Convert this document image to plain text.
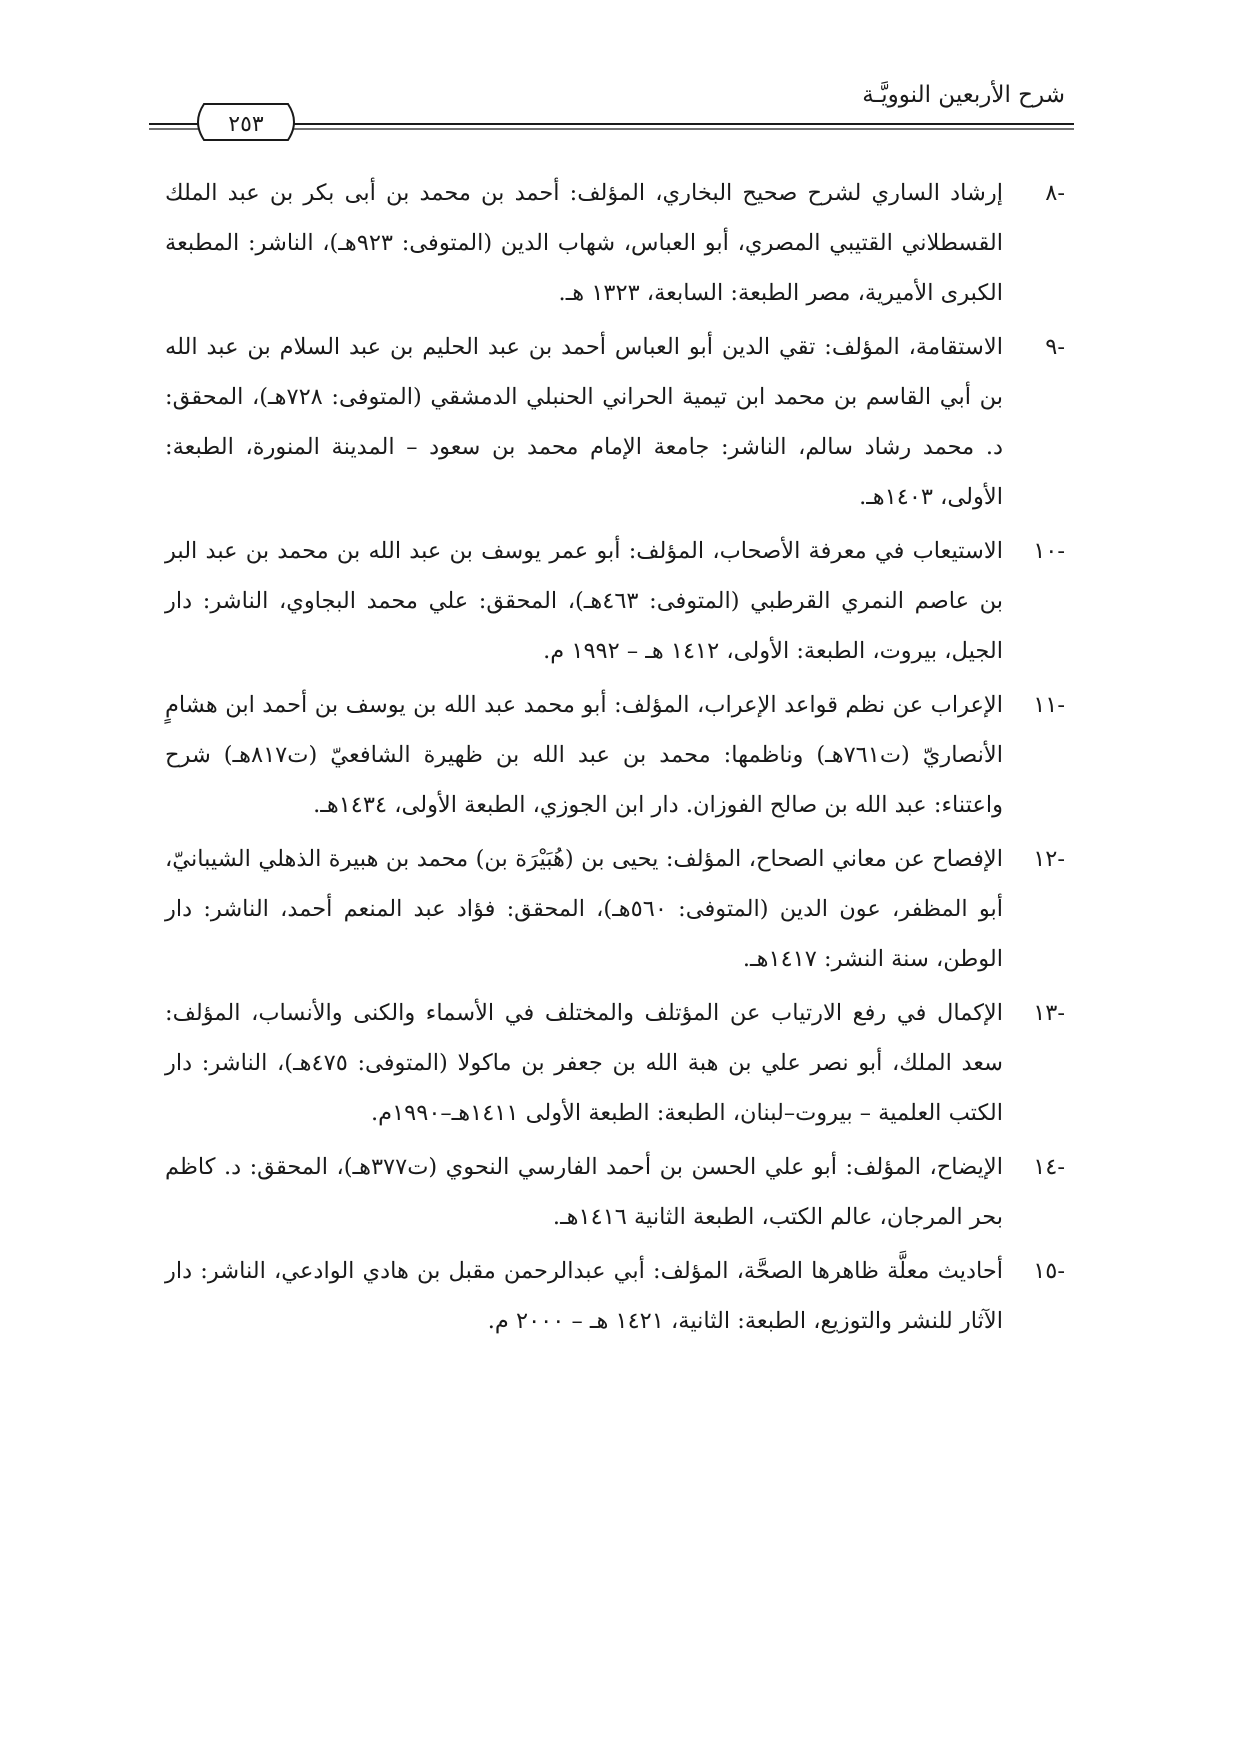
شرح الأربعين النوويَّـة
٢٥٣
-٨
إرشاد الساري لشرح صحيح البخاري، المؤلف: أحمد بن محمد بن أبى بكر بن عبد الملك القسطلاني القتيبي المصري، أبو العباس، شهاب الدين (المتوفى: ٩٢٣هـ)، الناشر: المطبعة الكبرى الأميرية، مصر الطبعة: السابعة، ١٣٢٣ هـ.
-٩
الاستقامة، المؤلف: تقي الدين أبو العباس أحمد بن عبد الحليم بن عبد السلام بن عبد الله بن أبي القاسم بن محمد ابن تيمية الحراني الحنبلي الدمشقي (المتوفى: ٧٢٨هـ)، المحقق: د. محمد رشاد سالم، الناشر: جامعة الإمام محمد بن سعود – المدينة المنورة، الطبعة: الأولى، ١٤٠٣هـ.
-١٠
الاستيعاب في معرفة الأصحاب، المؤلف: أبو عمر يوسف بن عبد الله بن محمد بن عبد البر بن عاصم النمري القرطبي (المتوفى: ٤٦٣هـ)، المحقق: علي محمد البجاوي، الناشر: دار الجيل، بيروت، الطبعة: الأولى، ١٤١٢ هـ – ١٩٩٢ م.
-١١
الإعراب عن نظم قواعد الإعراب، المؤلف: أبو محمد عبد الله بن يوسف بن أحمد ابن هشامٍ الأنصاريّ (ت٧٦١هـ) وناظمها: محمد بن عبد الله بن ظهيرة الشافعيّ (ت٨١٧هـ) شرح واعتناء: عبد الله بن صالح الفوزان. دار ابن الجوزي، الطبعة الأولى، ١٤٣٤هـ.
-١٢
الإفصاح عن معاني الصحاح، المؤلف: يحيى بن (هُبَيْرَة بن) محمد بن هبيرة الذهلي الشيبانيّ، أبو المظفر، عون الدين (المتوفى: ٥٦٠هـ)، المحقق: فؤاد عبد المنعم أحمد، الناشر: دار الوطن، سنة النشر: ١٤١٧هـ.
-١٣
الإكمال في رفع الارتياب عن المؤتلف والمختلف في الأسماء والكنى والأنساب، المؤلف: سعد الملك، أبو نصر علي بن هبة الله بن جعفر بن ماكولا (المتوفى: ٤٧٥هـ)، الناشر: دار الكتب العلمية – بيروت–لبنان، الطبعة: الطبعة الأولى ١٤١١هـ–١٩٩٠م.
-١٤
الإيضاح، المؤلف: أبو علي الحسن بن أحمد الفارسي النحوي (ت٣٧٧هـ)، المحقق: د. كاظم بحر المرجان، عالم الكتب، الطبعة الثانية ١٤١٦هـ.
-١٥
أحاديث معلَّة ظاهرها الصحَّة، المؤلف: أبي عبدالرحمن مقبل بن هادي الوادعي، الناشر: دار الآثار للنشر والتوزيع، الطبعة: الثانية، ١٤٢١ هـ – ٢٠٠٠ م.
